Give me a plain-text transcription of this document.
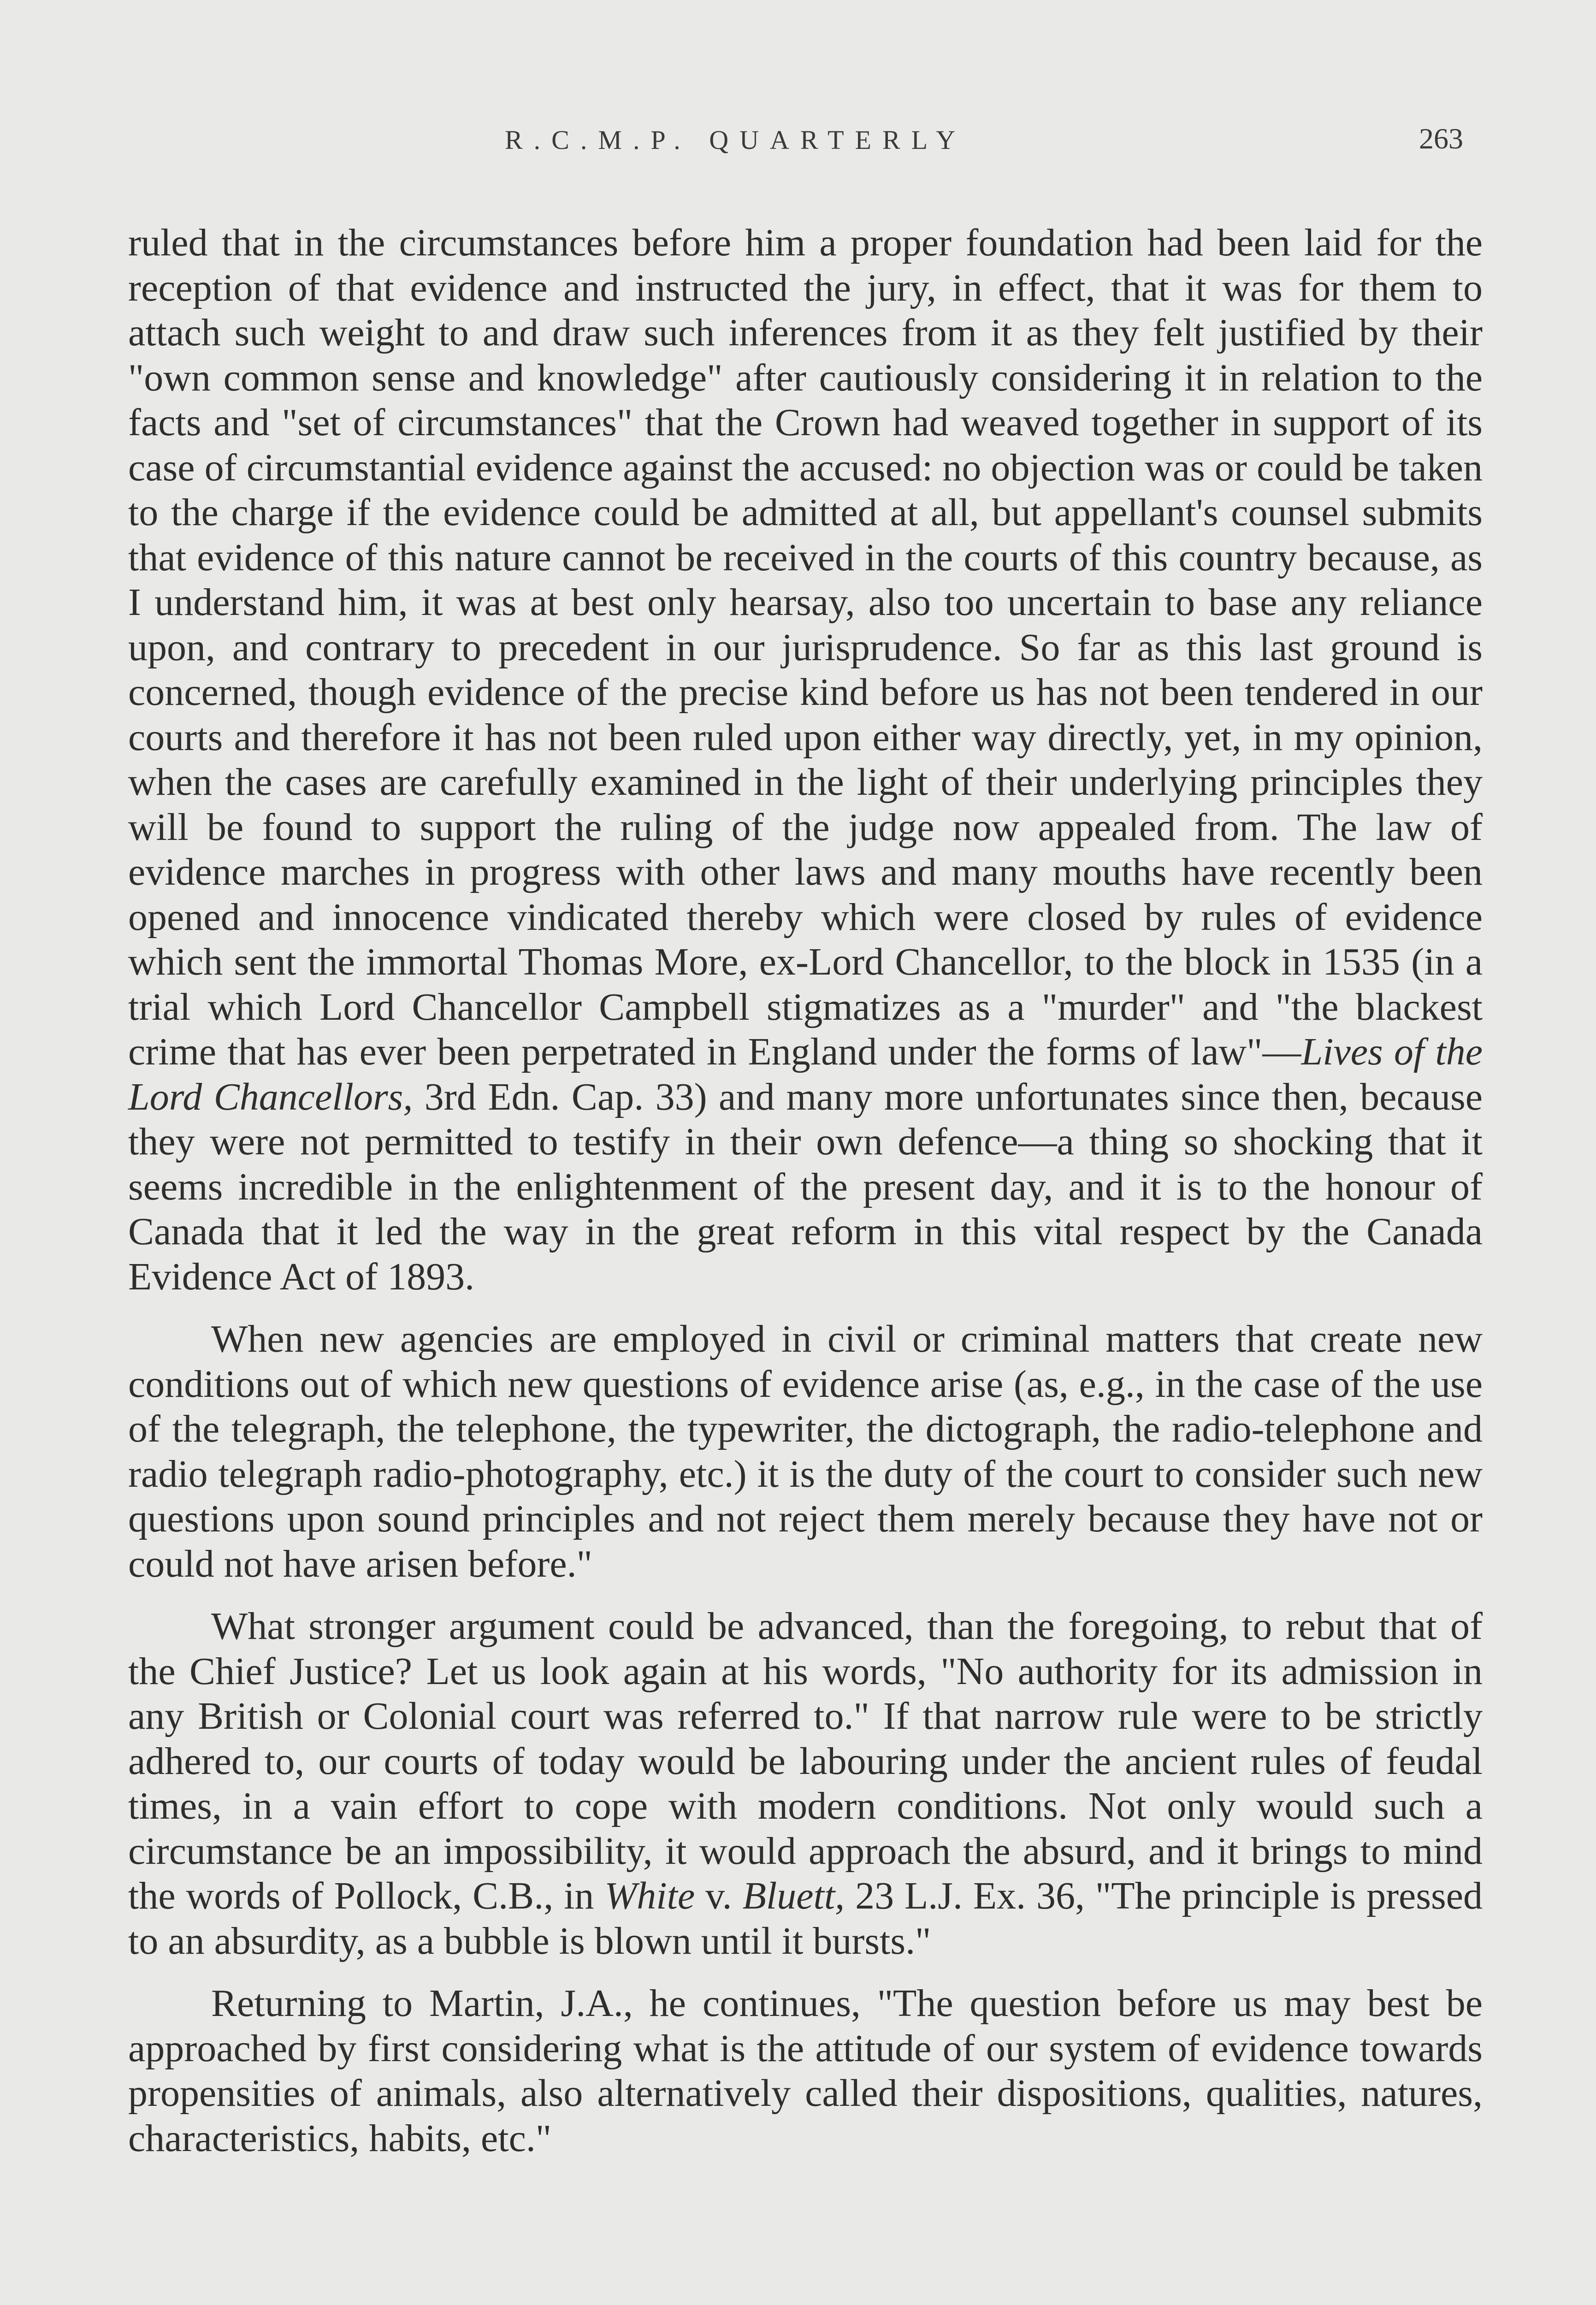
R.C.M.P. QUARTERLY	263

ruled that in the circumstances before him a proper foundation had been laid for the reception of that evidence and instructed the jury, in effect, that it was for them to attach such weight to and draw such inferences from it as they felt justified by their "own common sense and knowledge" after cautiously considering it in relation to the facts and "set of circumstances" that the Crown had weaved together in support of its case of circumstantial evidence against the accused: no objection was or could be taken to the charge if the evidence could be admitted at all, but appellant's counsel submits that evidence of this nature cannot be received in the courts of this country because, as I understand him, it was at best only hearsay, also too uncertain to base any reliance upon, and contrary to precedent in our jurisprudence. So far as this last ground is concerned, though evidence of the precise kind before us has not been tendered in our courts and therefore it has not been ruled upon either way directly, yet, in my opinion, when the cases are carefully examined in the light of their underlying principles they will be found to support the ruling of the judge now appealed from. The law of evidence marches in progress with other laws and many mouths have recently been opened and innocence vindicated thereby which were closed by rules of evidence which sent the immortal Thomas More, ex-Lord Chancellor, to the block in 1535 (in a trial which Lord Chancellor Campbell stigmatizes as a "murder" and "the blackest crime that has ever been perpetrated in England under the forms of law"—Lives of the Lord Chancellors, 3rd Edn. Cap. 33) and many more unfortunates since then, because they were not permitted to testify in their own defence—a thing so shocking that it seems incredible in the enlightenment of the present day, and it is to the honour of Canada that it led the way in the great reform in this vital respect by the Canada Evidence Act of 1893.

When new agencies are employed in civil or criminal matters that create new conditions out of which new questions of evidence arise (as, e.g., in the case of the use of the telegraph, the telephone, the typewriter, the dictograph, the radio-telephone and radio telegraph radio-photography, etc.) it is the duty of the court to consider such new questions upon sound principles and not reject them merely because they have not or could not have arisen before."

What stronger argument could be advanced, than the foregoing, to rebut that of the Chief Justice? Let us look again at his words, "No authority for its admission in any British or Colonial court was referred to." If that narrow rule were to be strictly adhered to, our courts of today would be labouring under the ancient rules of feudal times, in a vain effort to cope with modern conditions. Not only would such a circumstance be an impossibility, it would approach the absurd, and it brings to mind the words of Pollock, C.B., in White v. Bluett, 23 L.J. Ex. 36, "The principle is pressed to an absurdity, as a bubble is blown until it bursts."

Returning to Martin, J.A., he continues, "The question before us may best be approached by first considering what is the attitude of our system of evidence towards propensities of animals, also alternatively called their dispositions, qualities, natures, characteristics, habits, etc."
